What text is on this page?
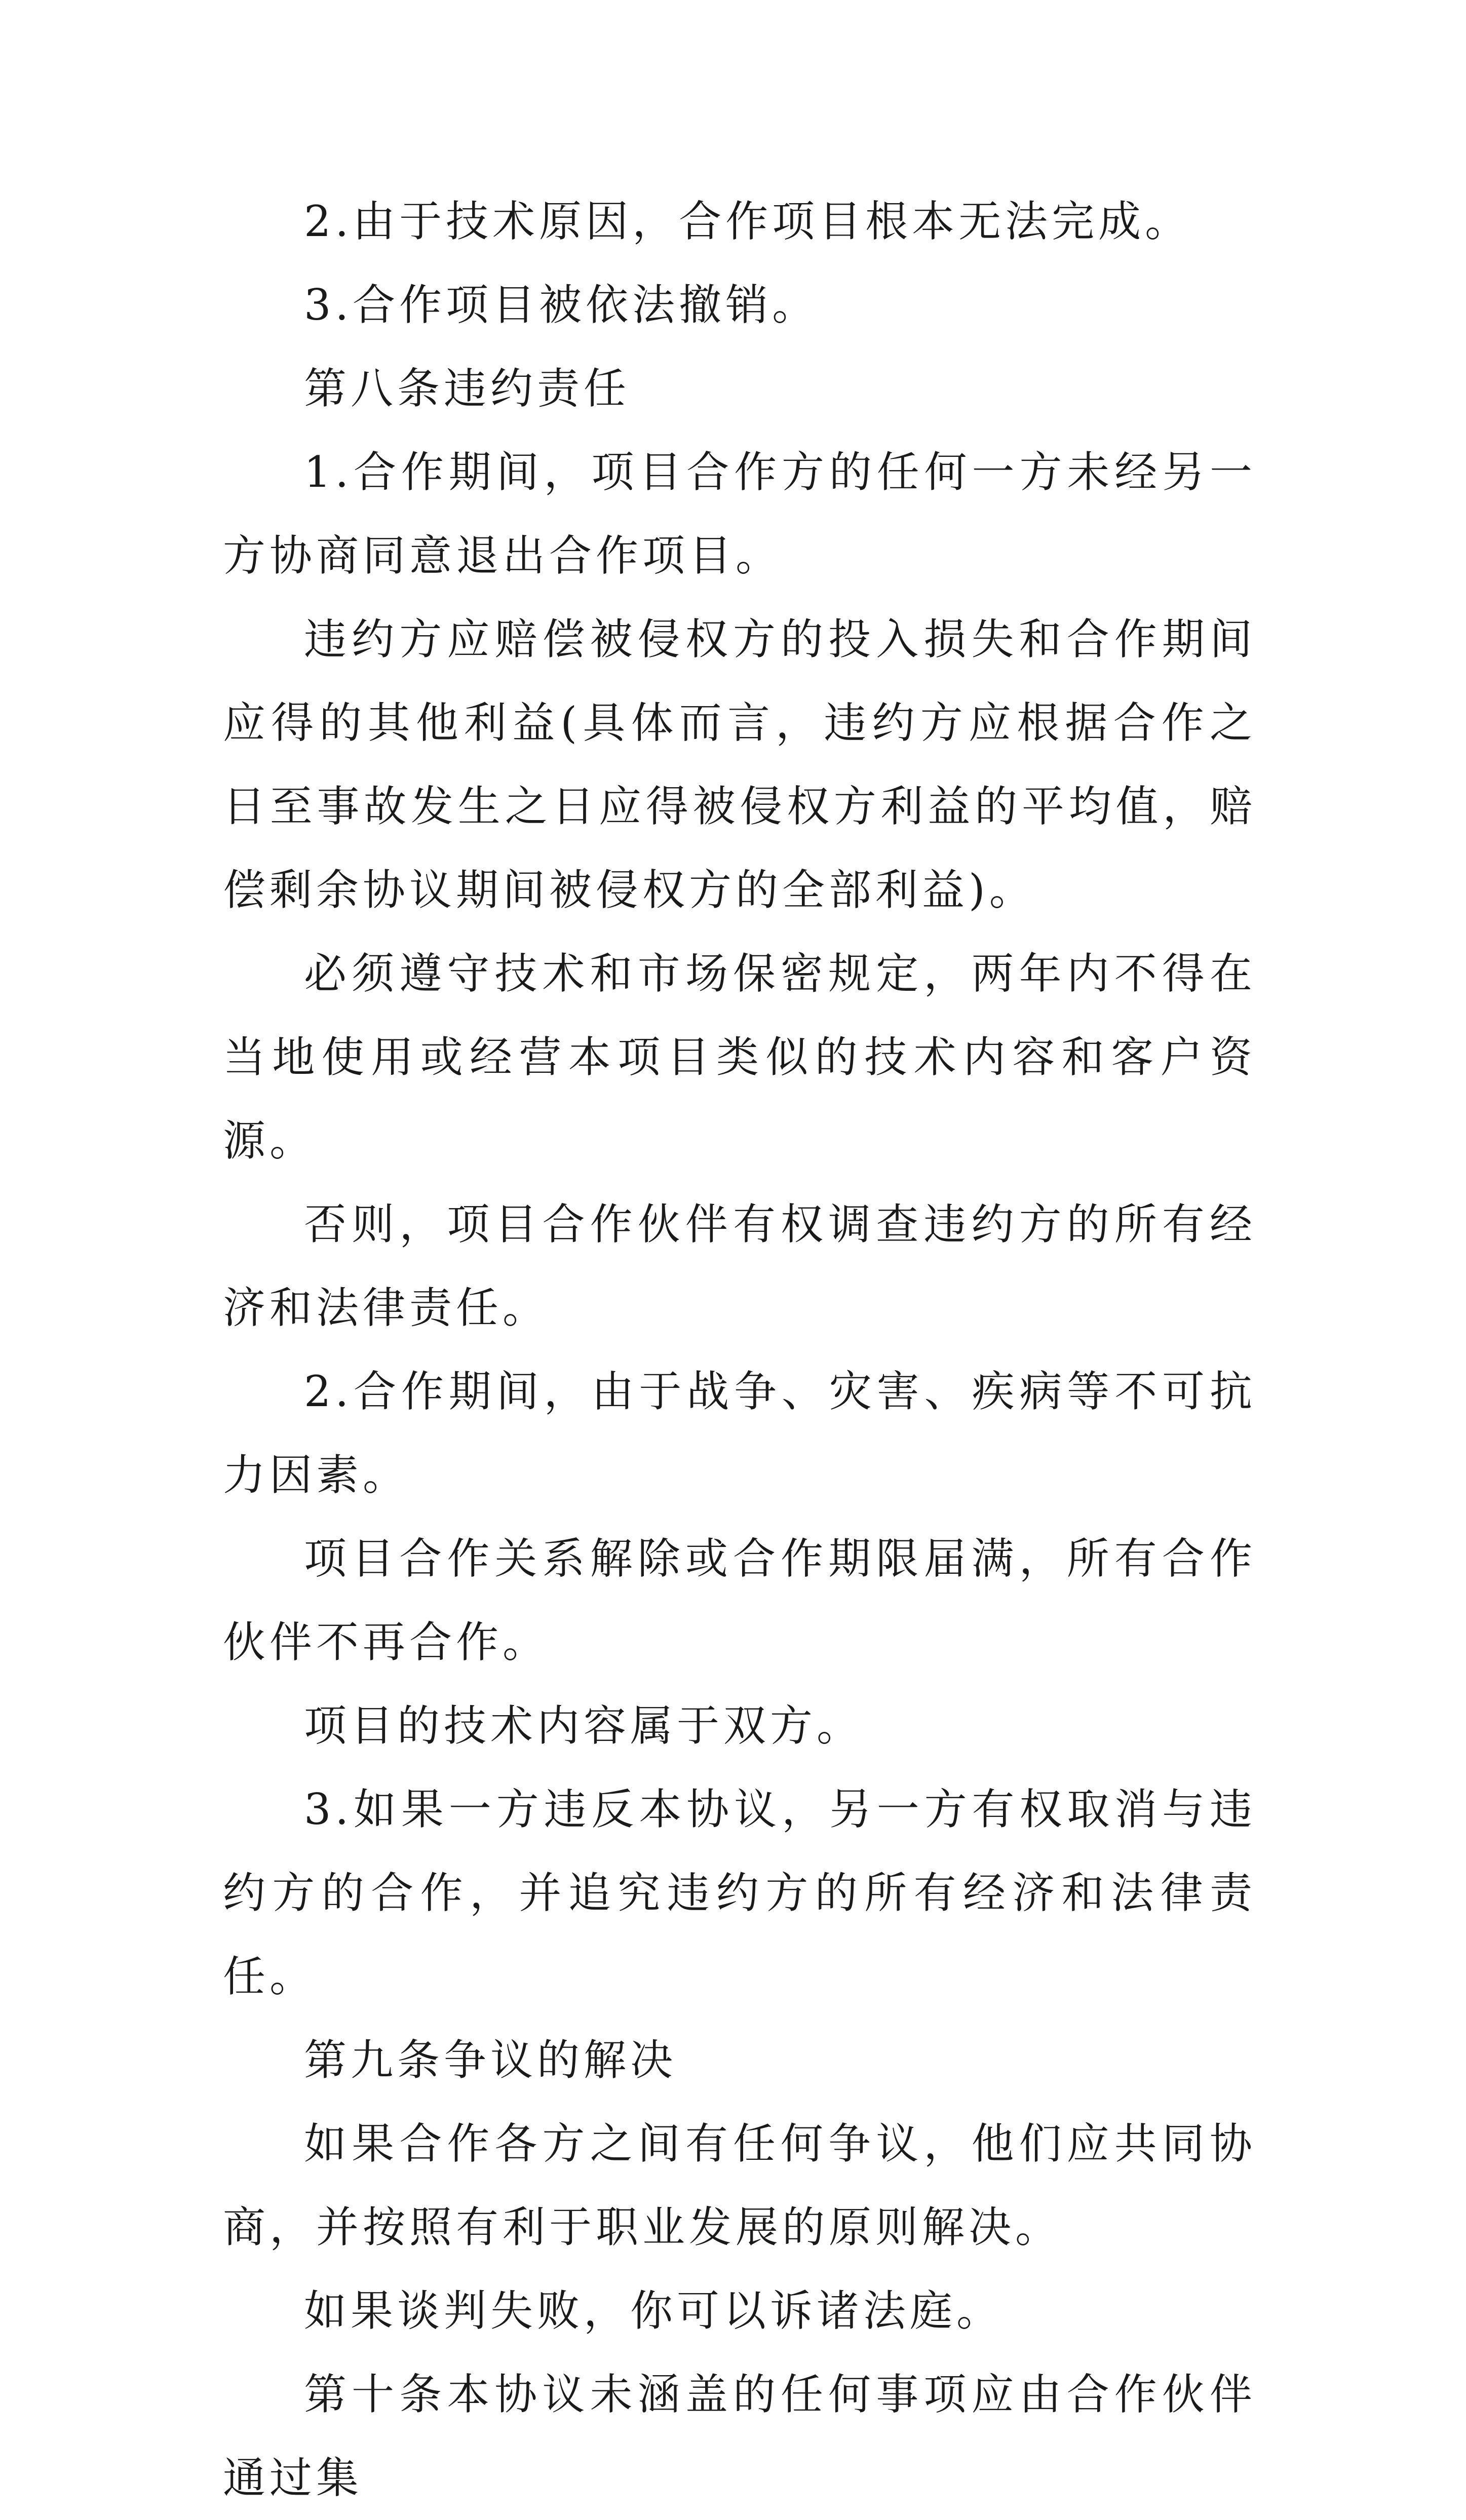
2.由于技术原因，合作项目根本无法完成。

3.合作项目被依法撤销。

第八条违约责任

1.合作期间，项目合作方的任何一方未经另一方协商同意退出合作项目。

违约方应赔偿被侵权方的投入损失和合作期间应得的其他利益(具体而言，违约方应根据合作之日至事故发生之日应得被侵权方利益的平均值，赔偿剩余协议期间被侵权方的全部利益)。

必须遵守技术和市场保密规定，两年内不得在当地使用或经营本项目类似的技术内容和客户资源。

否则，项目合作伙伴有权调查违约方的所有经济和法律责任。

2.合作期间，由于战争、灾害、疾病等不可抗力因素。

项目合作关系解除或合作期限届满，所有合作伙伴不再合作。

项目的技术内容属于双方。

3.如果一方违反本协议，另一方有权取消与违约方的合作，并追究违约方的所有经济和法律责任。

第九条争议的解决

如果合作各方之间有任何争议，他们应共同协商，并按照有利于职业发展的原则解决。

如果谈判失败，你可以诉诸法庭。

第十条本协议未涵盖的任何事项应由合作伙伴通过集
